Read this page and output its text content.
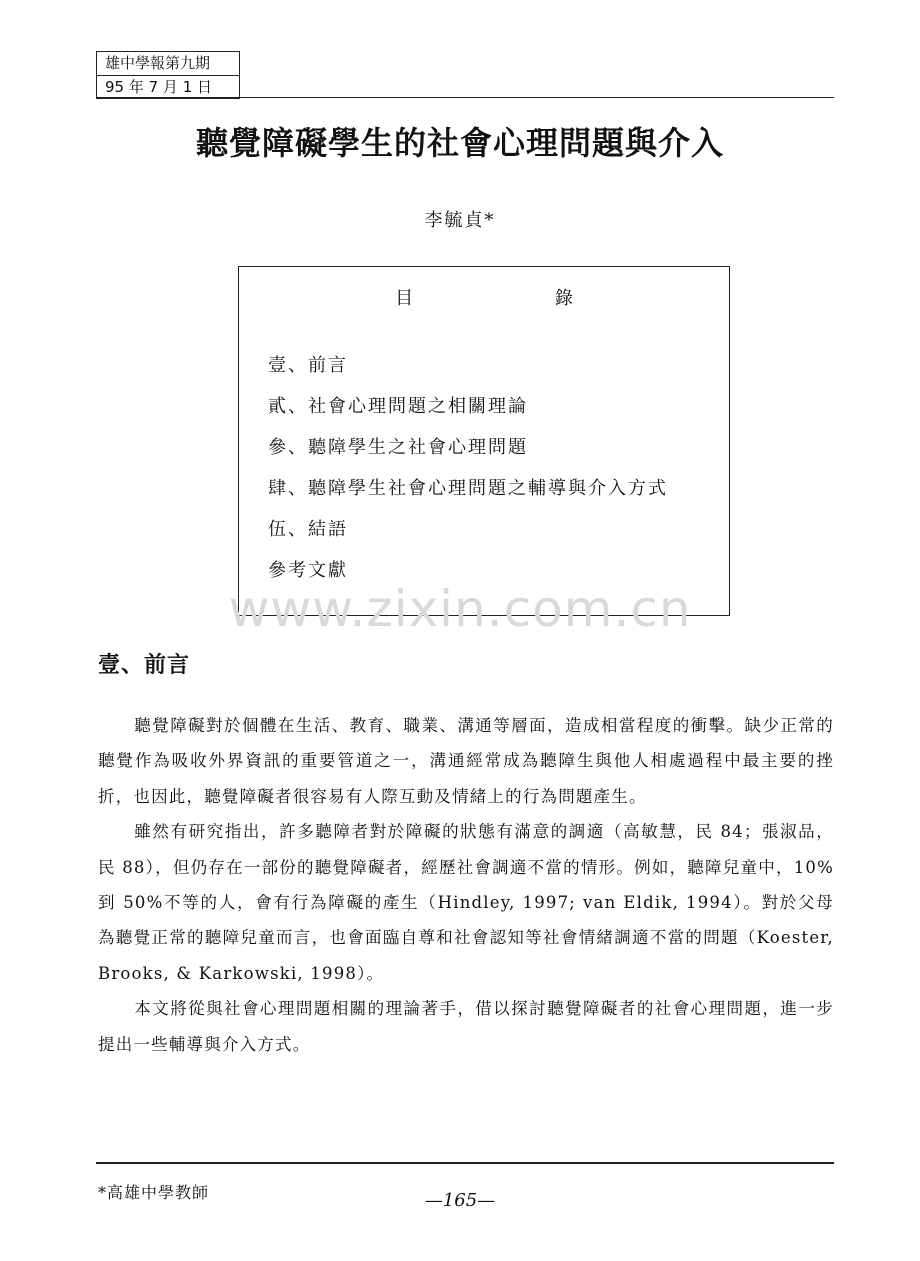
雄中學報第九期
95 年 7 月 1 日
聽覺障礙學生的社會心理問題與介入
李毓貞*
目 錄
壹、前言
貳、社會心理問題之相關理論
參、聽障學生之社會心理問題
肆、聽障學生社會心理問題之輔導與介入方式
伍、結語
參考文獻
www.zixin.com.cn
壹、前言

聽覺障礙對於個體在生活、教育、職業、溝通等層面，造成相當程度的衝擊。缺少正常的聽覺作為吸收外界資訊的重要管道之一，溝通經常成為聽障生與他人相處過程中最主要的挫折，也因此，聽覺障礙者很容易有人際互動及情緒上的行為問題產生。

雖然有研究指出，許多聽障者對於障礙的狀態有滿意的調適（高敏慧，民 84；張淑品，民 88），但仍存在一部份的聽覺障礙者，經歷社會調適不當的情形。例如，聽障兒童中，10%到 50%不等的人，會有行為障礙的產生（Hindley, 1997; van Eldik, 1994）。對於父母為聽覺正常的聽障兒童而言，也會面臨自尊和社會認知等社會情緒調適不當的問題（Koester, Brooks, & Karkowski, 1998）。

本文將從與社會心理問題相關的理論著手，借以探討聽覺障礙者的社會心理問題，進一步提出一些輔導與介入方式。

*高雄中學教師	—165—
